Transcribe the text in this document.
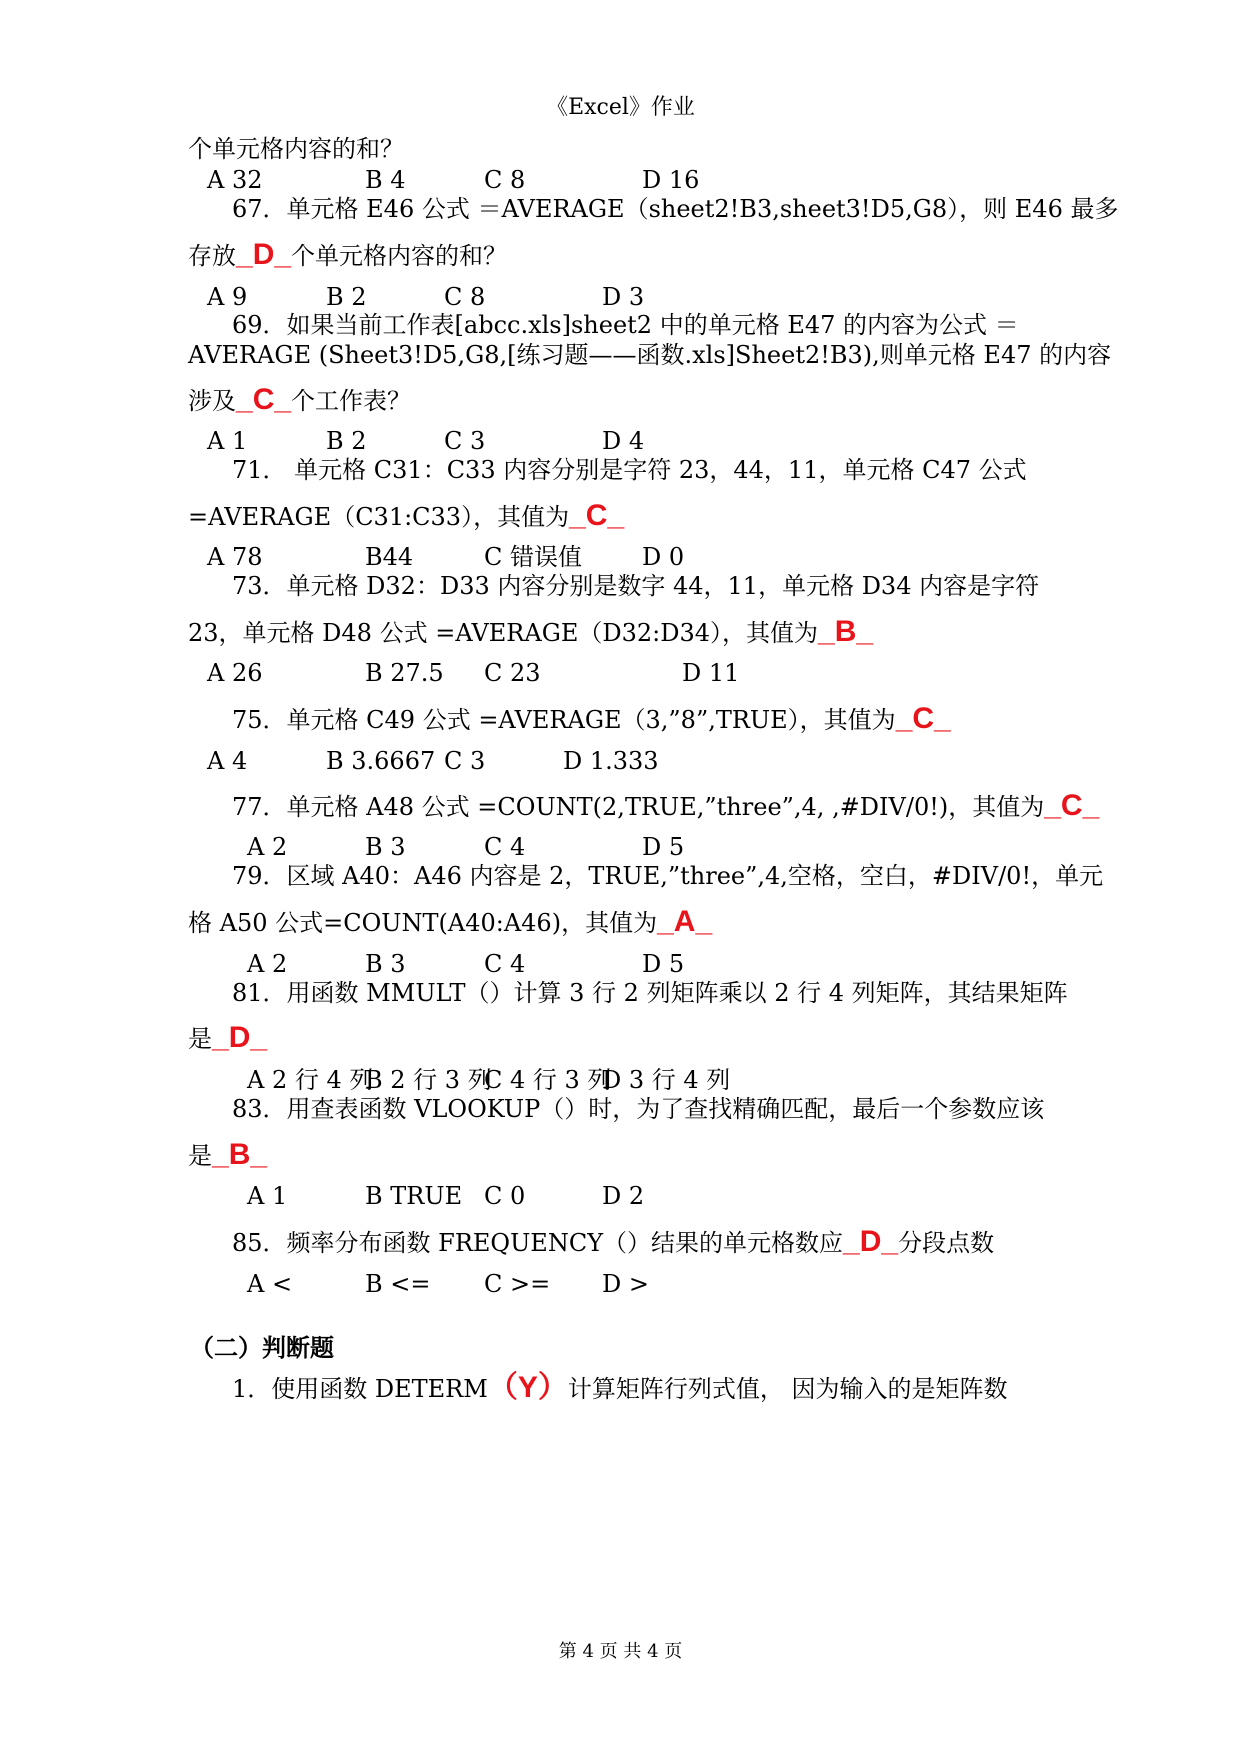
《Excel》作业
个单元格内容的和？
A 32	B 4	C 8	D 16
67．单元格 E46 公式 ＝AVERAGE（sheet2!B3,sheet3!D5,G8），则 E46 最多
存放_D_个单元格内容的和？
A 9	B 2	C 8	D 3
69．如果当前工作表[abcc.xls]sheet2 中的单元格 E47 的内容为公式 ＝
AVERAGE (Sheet3!D5,G8,[练习题——函数.xls]Sheet2!B3),则单元格 E47 的内容
涉及_C_个工作表？
A 1	B 2	C 3	D 4
71． 单元格 C31：C33 内容分别是字符 23，44，11，单元格 C47 公式
=AVERAGE（C31:C33），其值为_C_
A 78	B44	C 错误值	D 0
73．单元格 D32：D33 内容分别是数字 44，11，单元格 D34 内容是字符
23，单元格 D48 公式 =AVERAGE（D32:D34），其值为_B_
A 26	B 27.5 C 23	D 11
75．单元格 C49 公式 =AVERAGE（3,”8”,TRUE），其值为_C_
A 4	B 3.6667 C 3	D 1.333
77．单元格 A48 公式 =COUNT(2,TRUE,”three”,4, ,#DIV/0!)，其值为_C_
A 2	B 3	C 4	D 5
79．区域 A40：A46 内容是 2，TRUE,”three”,4,空格，空白，#DIV/0!，单元
格 A50 公式=COUNT(A40:A46)，其值为_A_
A 2	B 3	C 4	D 5
81．用函数 MMULT（）计算 3 行 2 列矩阵乘以 2 行 4 列矩阵，其结果矩阵
是_D_
A 2 行 4 列
B 2 行 3 列
C 4 行 3 列
D 3 行 4 列
83．用查表函数 VLOOKUP（）时，为了查找精确匹配，最后一个参数应该
是_B_
A 1	B TRUE C 0	D 2
85．频率分布函数 FREQUENCY（）结果的单元格数应_D_分段点数
A <	B <= C >= D >
（二）判断题
1．使用函数 DETERM（Y）计算矩阵行列式值， 因为输入的是矩阵数
第 4 页 共 4 页
